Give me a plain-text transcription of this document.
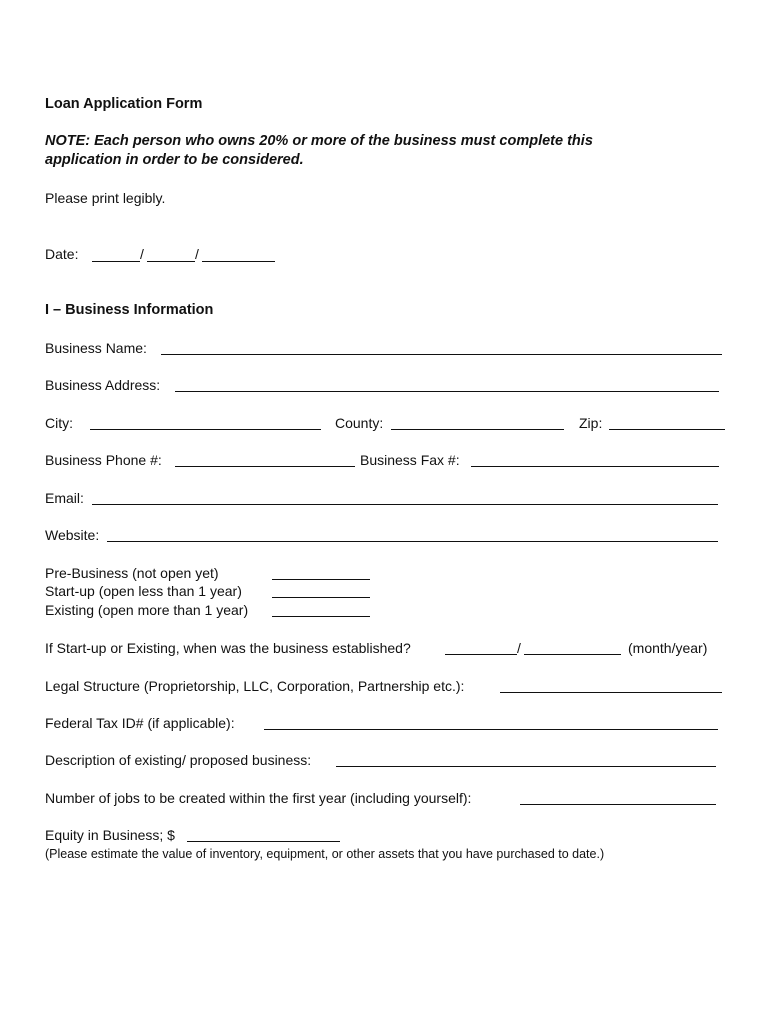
Loan Application Form
NOTE: Each person who owns 20% or more of the business must complete this
application in order to be considered.
Please print legibly.
Date:	/	/
I – Business Information
Business Name:
Business Address:
City:	County:	Zip:
Business Phone #:	Business Fax #:
Email:
Website:
Pre-Business (not open yet)
Start-up (open less than 1 year)
Existing (open more than 1 year)
If Start-up or Existing, when was the business established?	/	(month/year)
Legal Structure (Proprietorship, LLC, Corporation, Partnership etc.):
Federal Tax ID# (if applicable):
Description of existing/ proposed business:
Number of jobs to be created within the first year (including yourself):
Equity in Business; $
(Please estimate the value of inventory, equipment, or other assets that you have purchased to date.)
